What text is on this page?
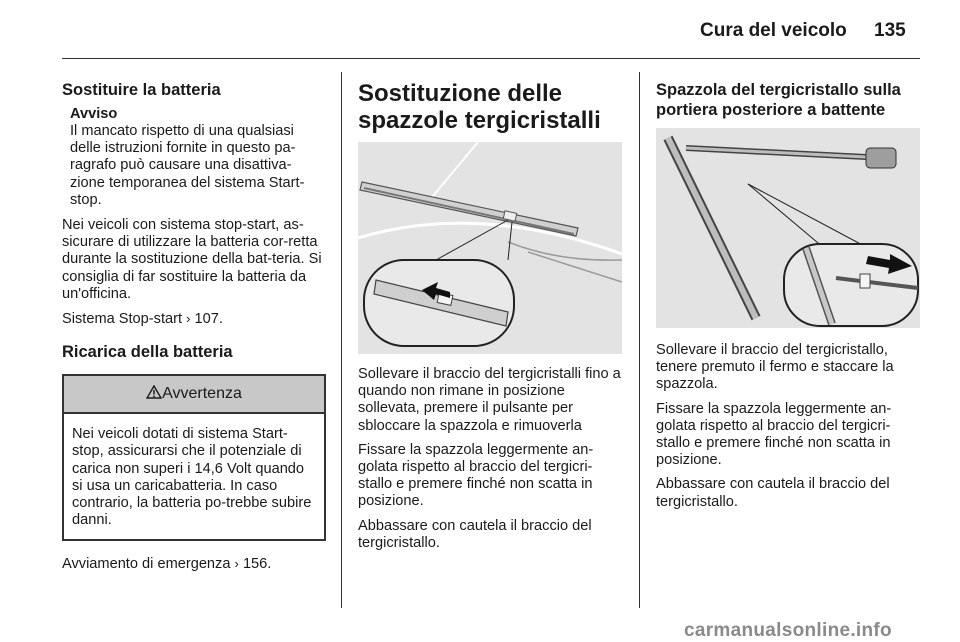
Cura del veicolo 135
Sostituire la batteria
Avviso

Il mancato rispetto di una qualsiasi delle istruzioni fornite in questo pa-ragrafo può causare una disattiva-zione temporanea del sistema Start-stop.

Nei veicoli con sistema stop-start, as-sicurare di utilizzare la batteria cor-retta durante la sostituzione della bat-teria. Si consiglia di far sostituire la batteria da un'officina.

Sistema Stop-start › 107.

Ricarica della batteria
Avvertenza

Nei veicoli dotati di sistema Start-stop, assicurarsi che il potenziale di carica non superi i 14,6 Volt quando si usa un caricabatteria. In caso contrario, la batteria po-trebbe subire danni.

Avviamento di emergenza › 156.

Sostituzione delle spazzole tergicristalli

Sollevare il braccio del tergicristalli fino a quando non rimane in posizione sollevata, premere il pulsante per sbloccare la spazzola e rimuoverla

Fissare la spazzola leggermente an-golata rispetto al braccio del tergicri-stallo e premere finché non scatta in posizione.

Abbassare con cautela il braccio del tergicristallo.

Spazzola del tergicristallo sulla portiera posteriore a battente

Sollevare il braccio del tergicristallo, tenere premuto il fermo e staccare la spazzola.

Fissare la spazzola leggermente an-golata rispetto al braccio del tergicri-stallo e premere finché non scatta in posizione.

Abbassare con cautela il braccio del tergicristallo.

carmanualsonline.info
